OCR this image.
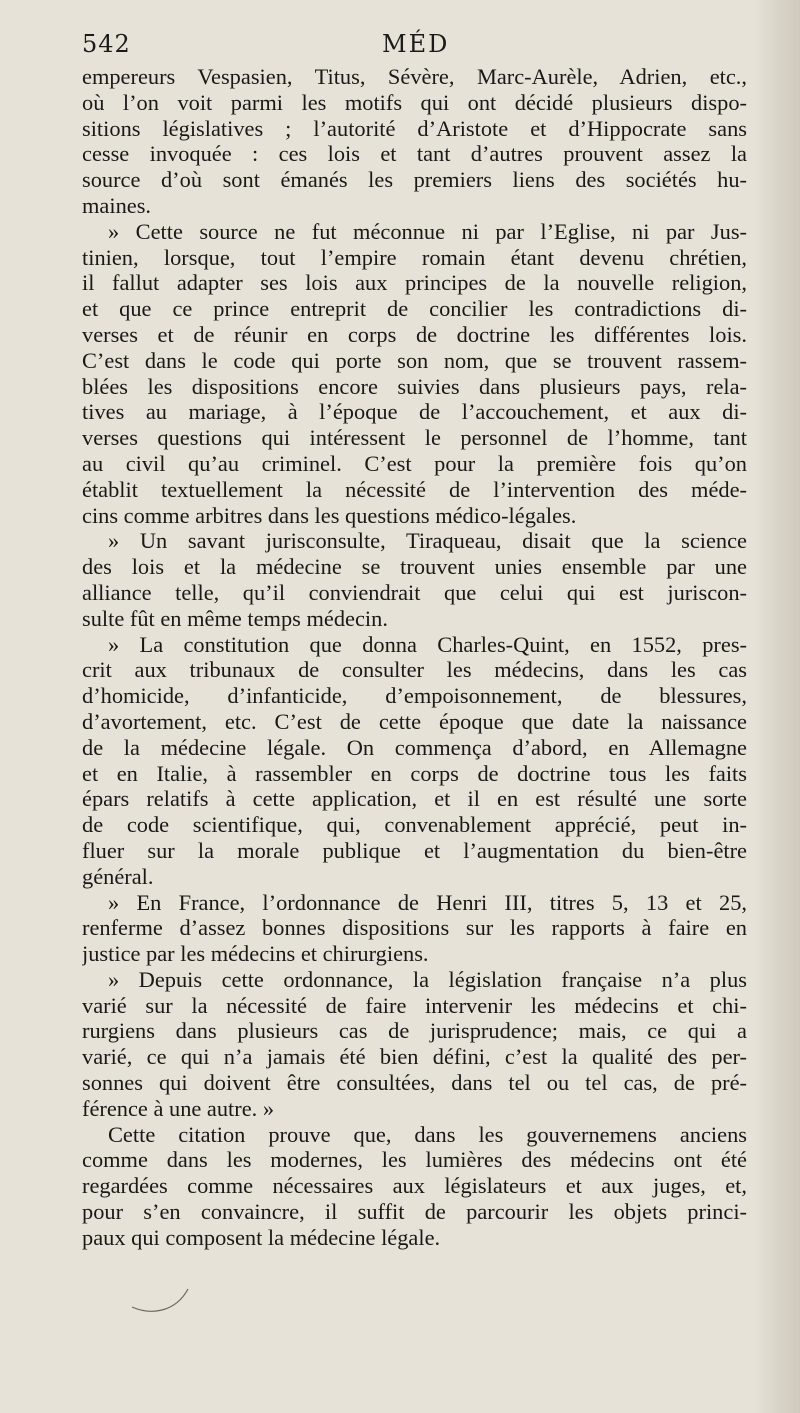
542	MÉD
empereurs Vespasien, Titus, Sévère, Marc-Aurèle, Adrien, etc.,
où l’on voit parmi les motifs qui ont décidé plusieurs dispo-
sitions législatives ; l’autorité d’Aristote et d’Hippocrate sans
cesse invoquée : ces lois et tant d’autres prouvent assez la
source d’où sont émanés les premiers liens des sociétés hu-
maines.
» Cette source ne fut méconnue ni par l’Eglise, ni par Jus-
tinien, lorsque, tout l’empire romain étant devenu chrétien,
il fallut adapter ses lois aux principes de la nouvelle religion,
et que ce prince entreprit de concilier les contradictions di-
verses et de réunir en corps de doctrine les différentes lois.
C’est dans le code qui porte son nom, que se trouvent rassem-
blées les dispositions encore suivies dans plusieurs pays, rela-
tives au mariage, à l’époque de l’accouchement, et aux di-
verses questions qui intéressent le personnel de l’homme, tant
au civil qu’au criminel. C’est pour la première fois qu’on
établit textuellement la nécessité de l’intervention des méde-
cins comme arbitres dans les questions médico-légales.
» Un savant jurisconsulte, Tiraqueau, disait que la science
des lois et la médecine se trouvent unies ensemble par une
alliance telle, qu’il conviendrait que celui qui est juriscon-
sulte fût en même temps médecin.
» La constitution que donna Charles-Quint, en 1552, pres-
crit aux tribunaux de consulter les médecins, dans les cas
d’homicide, d’infanticide, d’empoisonnement, de blessures,
d’avortement, etc. C’est de cette époque que date la naissance
de la médecine légale. On commença d’abord, en Allemagne
et en Italie, à rassembler en corps de doctrine tous les faits
épars relatifs à cette application, et il en est résulté une sorte
de code scientifique, qui, convenablement apprécié, peut in-
fluer sur la morale publique et l’augmentation du bien-être
général.
» En France, l’ordonnance de Henri III, titres 5, 13 et 25,
renferme d’assez bonnes dispositions sur les rapports à faire en
justice par les médecins et chirurgiens.
» Depuis cette ordonnance, la législation française n’a plus
varié sur la nécessité de faire intervenir les médecins et chi-
rurgiens dans plusieurs cas de jurisprudence; mais, ce qui a
varié, ce qui n’a jamais été bien défini, c’est la qualité des per-
sonnes qui doivent être consultées, dans tel ou tel cas, de pré-
férence à une autre. »
Cette citation prouve que, dans les gouvernemens anciens
comme dans les modernes, les lumières des médecins ont été
regardées comme nécessaires aux législateurs et aux juges, et,
pour s’en convaincre, il suffit de parcourir les objets princi-
paux qui composent la médecine légale.
